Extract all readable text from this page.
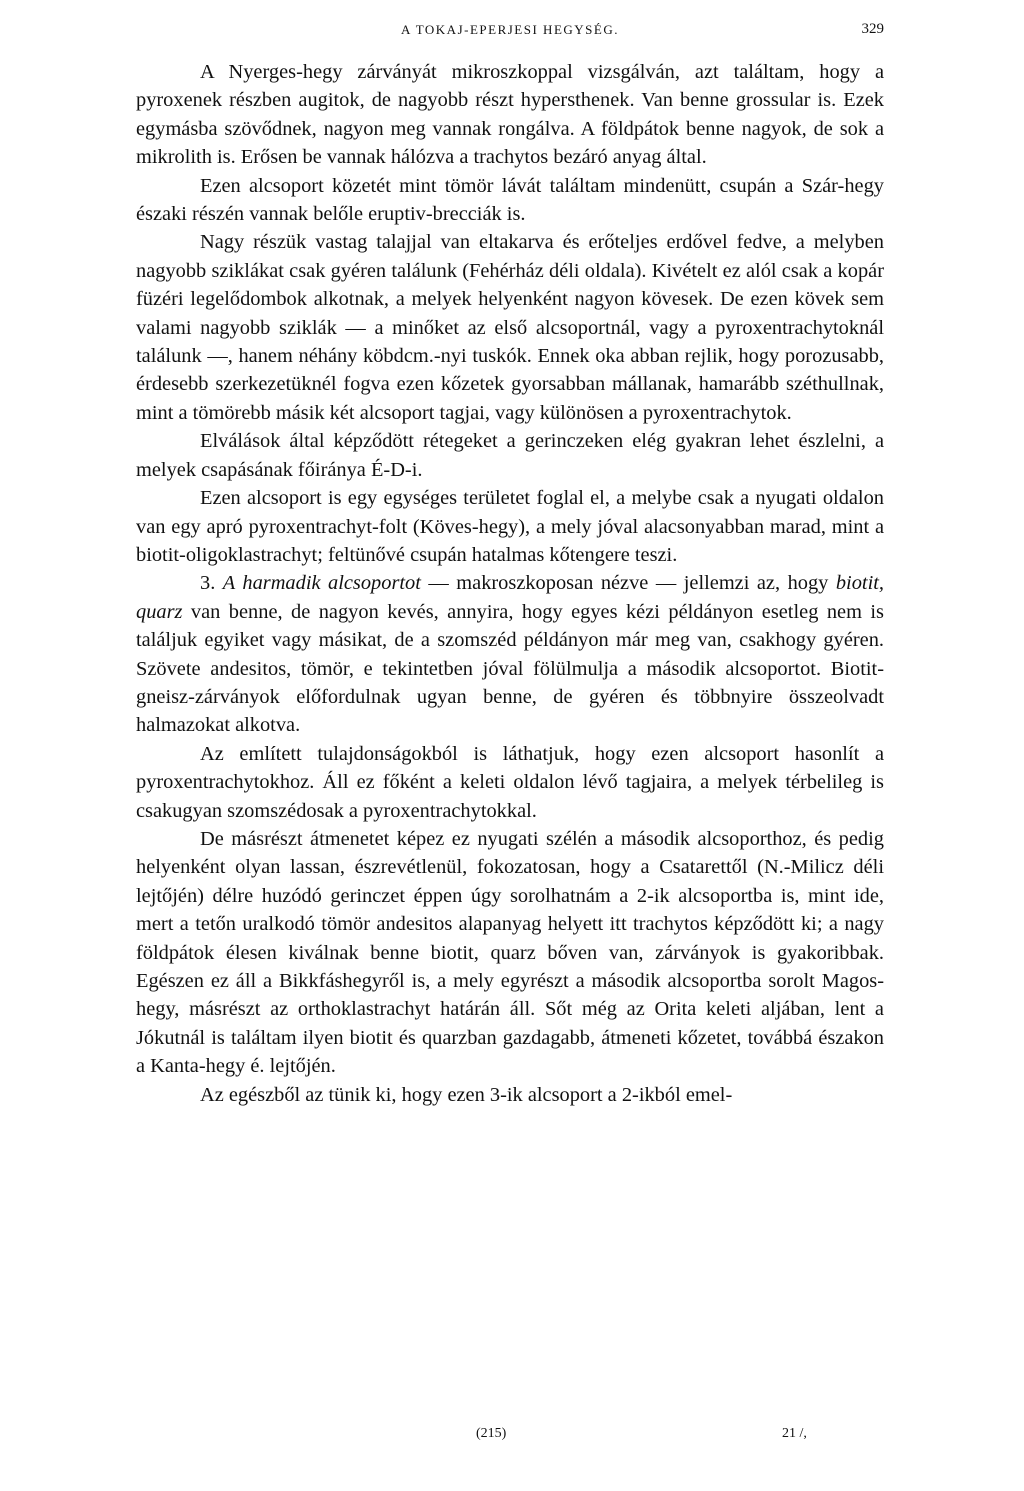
A TOKAJ-EPERJESI HEGYSÉG.	329

A Nyerges-hegy zárványát mikroszkoppal vizsgálván, azt találtam, hogy a pyroxenek részben augitok, de nagyobb részt hypersthenek. Van benne grossular is. Ezek egymásba szövődnek, nagyon meg vannak rongálva. A földpátok benne nagyok, de sok a mikrolith is. Erősen be vannak hálózva a trachytos bezáró anyag által.

Ezen alcsoport közetét mint tömör lávát találtam mindenütt, csupán a Szár-hegy északi részén vannak belőle eruptiv-brecciák is.

Nagy részük vastag talajjal van eltakarva és erőteljes erdővel fedve, a melyben nagyobb sziklákat csak gyéren találunk (Fehérház déli oldala). Kivételt ez alól csak a kopár füzéri legelődombok alkotnak, a melyek helyenként nagyon kövesek. De ezen kövek sem valami nagyobb sziklák — a minőket az első alcsoportnál, vagy a pyroxentrachytoknál találunk —, hanem néhány köbdcm.-nyi tuskók. Ennek oka abban rejlik, hogy porozusabb, érdesebb szerkezetüknél fogva ezen kőzetek gyorsabban mállanak, hamarább széthullnak, mint a tömörebb másik két alcsoport tagjai, vagy különösen a pyroxentrachytok.

Elválások által képződött rétegeket a gerinczeken elég gyakran lehet észlelni, a melyek csapásának főiránya É-D-i.

Ezen alcsoport is egy egységes területet foglal el, a melybe csak a nyugati oldalon van egy apró pyroxentrachyt-folt (Köves-hegy), a mely jóval alacsonyabban marad, mint a biotit-oligoklastrachyt; feltünővé csupán hatalmas kőtengere teszi.

3. A harmadik alcsoportot — makroszkoposan nézve — jellemzi az, hogy biotit, quarz van benne, de nagyon kevés, annyira, hogy egyes kézi példányon esetleg nem is találjuk egyiket vagy másikat, de a szomszéd példányon már meg van, csakhogy gyéren. Szövete andesitos, tömör, e tekintetben jóval fölülmulja a második alcsoportot. Biotit-gneisz-zárványok előfordulnak ugyan benne, de gyéren és többnyire összeolvadt halmazokat alkotva.

Az említett tulajdonságokból is láthatjuk, hogy ezen alcsoport hasonlít a pyroxentrachytokhoz. Áll ez főként a keleti oldalon lévő tagjaira, a melyek térbelileg is csakugyan szomszédosak a pyroxentrachytokkal.

De másrészt átmenetet képez ez nyugati szélén a második alcsoporthoz, és pedig helyenként olyan lassan, észrevétlenül, fokozatosan, hogy a Csatarettől (N.-Milicz déli lejtőjén) délre huzódó gerinczet éppen úgy sorolhatnám a 2-ik alcsoportba is, mint ide, mert a tetőn uralkodó tömör andesitos alapanyag helyett itt trachytos képződött ki; a nagy földpátok élesen kiválnak benne biotit, quarz bőven van, zárványok is gyakoribbak. Egészen ez áll a Bikkfáshegyről is, a mely egyrészt a második alcsoportba sorolt Magos-hegy, másrészt az orthoklastrachyt határán áll. Sőt még az Orita keleti aljában, lent a Jókutnál is találtam ilyen biotit és quarzban gazdagabb, átmeneti kőzetet, továbbá északon a Kanta-hegy é. lejtőjén.

Az egészből az tünik ki, hogy ezen 3-ik alcsoport a 2-ikból emel-

(215)	21 /,
